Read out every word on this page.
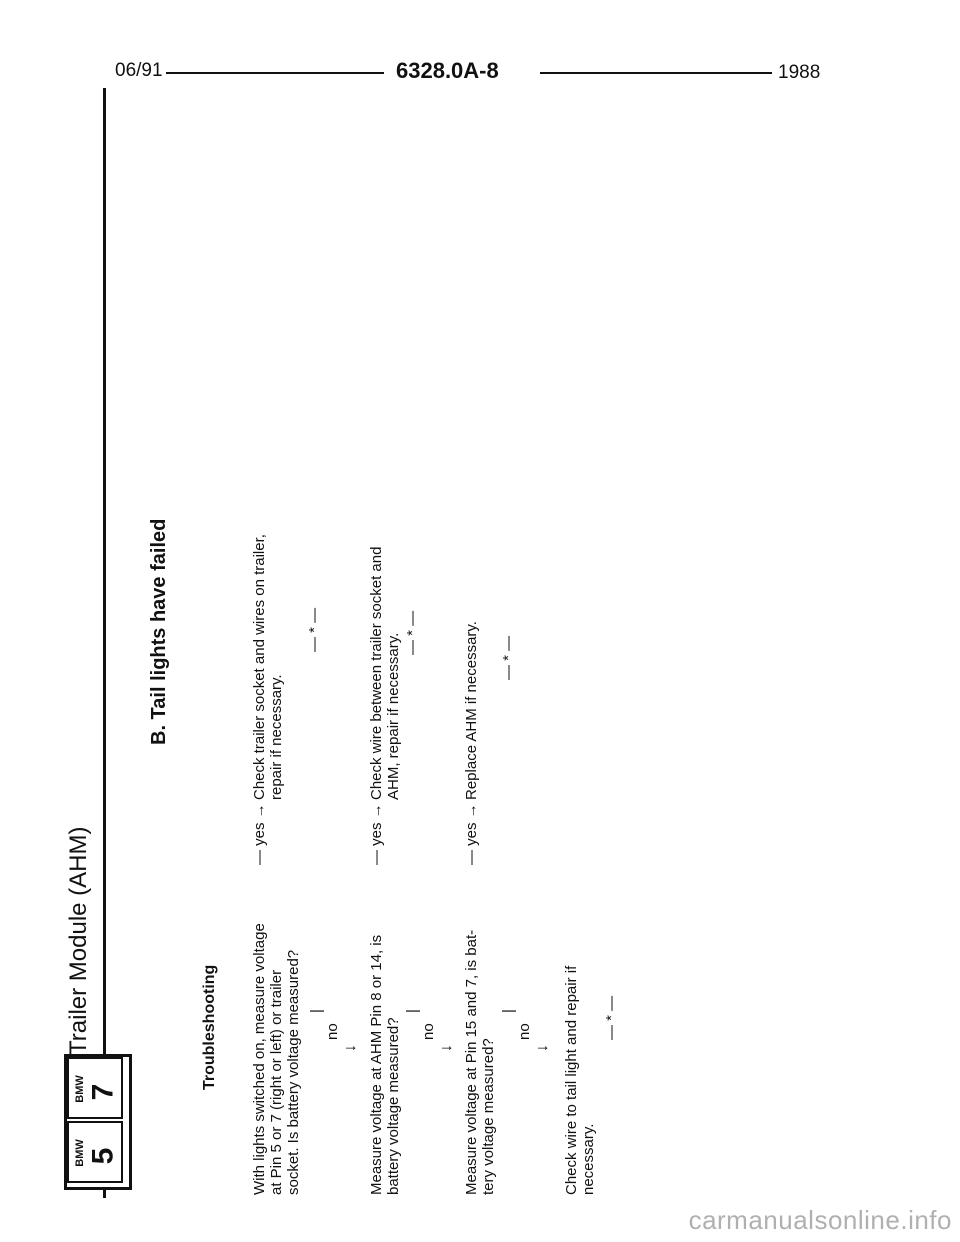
06/91	6328.0A-8	1988
BMW 7
BMW 5
Trailer Module (AHM)
B. Tail lights have failed
Troubleshooting With lights switched on, measure voltage at Pin 5 or 7 (right or left) or trailer socket. Is battery voltage measured?
— yes →
Check trailer socket and wires on trailer, repair if necessary.
— * —
|
no
↓ Measure voltage at AHM Pin 8 or 14, is battery voltage measured?
— yes →
Check wire between trailer socket and AHM, repair if necessary. — * —
|
no
↓ Measure voltage at Pin 15 and 7, is bat- tery voltage measured?
— yes →
Replace AHM if necessary. — * —
|
no
↓ Check wire to tail light and repair if necessary.
— * —
carmanualsonline.info
